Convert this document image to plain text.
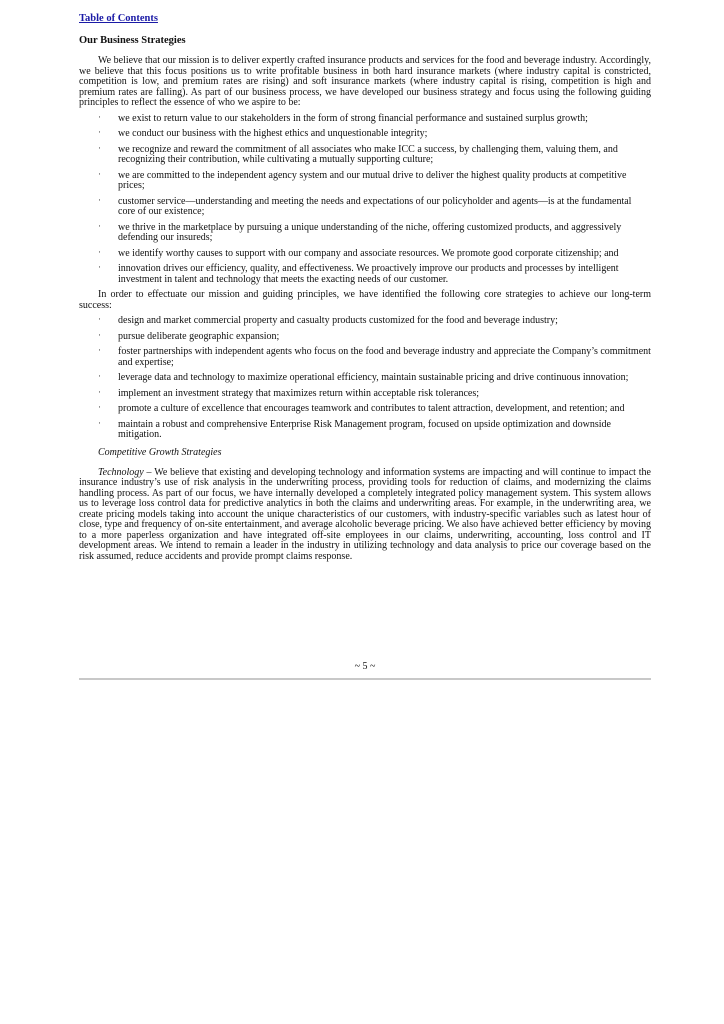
Table of Contents
Our Business Strategies

We believe that our mission is to deliver expertly crafted insurance products and services for the food and beverage industry. Accordingly, we believe that this focus positions us to write profitable business in both hard insurance markets (where industry capital is constricted, competition is low, and premium rates are rising) and soft insurance markets (where industry capital is rising, competition is high and premium rates are falling). As part of our business process, we have developed our business strategy and focus using the following guiding principles to reflect the essence of who we aspire to be:

· we exist to return value to our stakeholders in the form of strong financial performance and sustained surplus growth;
· we conduct our business with the highest ethics and unquestionable integrity;
· we recognize and reward the commitment of all associates who make ICC a success, by challenging them, valuing them, and recognizing their contribution, while cultivating a mutually supporting culture;
· we are committed to the independent agency system and our mutual drive to deliver the highest quality products at competitive prices;
· customer service—understanding and meeting the needs and expectations of our policyholder and agents—is at the fundamental core of our existence;
· we thrive in the marketplace by pursuing a unique understanding of the niche, offering customized products, and aggressively defending our insureds;
· we identify worthy causes to support with our company and associate resources. We promote good corporate citizenship; and
· innovation drives our efficiency, quality, and effectiveness. We proactively improve our products and processes by intelligent investment in talent and technology that meets the exacting needs of our customer.

In order to effectuate our mission and guiding principles, we have identified the following core strategies to achieve our long-term success:

· design and market commercial property and casualty products customized for the food and beverage industry;
· pursue deliberate geographic expansion;
· foster partnerships with independent agents who focus on the food and beverage industry and appreciate the Company’s commitment and expertise;
· leverage data and technology to maximize operational efficiency, maintain sustainable pricing and drive continuous innovation;
· implement an investment strategy that maximizes return within acceptable risk tolerances;
· promote a culture of excellence that encourages teamwork and contributes to talent attraction, development, and retention; and
· maintain a robust and comprehensive Enterprise Risk Management program, focused on upside optimization and downside mitigation.
Competitive Growth Strategies

Technology – We believe that existing and developing technology and information systems are impacting and will continue to impact the insurance industry’s use of risk analysis in the underwriting process, providing tools for reduction of claims, and modernizing the claims handling process. As part of our focus, we have internally developed a completely integrated policy management system. This system allows us to leverage loss control data for predictive analytics in both the claims and underwriting areas. For example, in the underwriting area, we create pricing models taking into account the unique characteristics of our customers, with industry-specific variables such as latest hour of close, type and frequency of on-site entertainment, and average alcoholic beverage pricing. We also have achieved better efficiency by moving to a more paperless organization and have integrated off-site employees in our claims, underwriting, accounting, loss control and IT development areas. We intend to remain a leader in the industry in utilizing technology and data analysis to price our coverage based on the risk assumed, reduce accidents and provide prompt claims response.

~ 5 ~
